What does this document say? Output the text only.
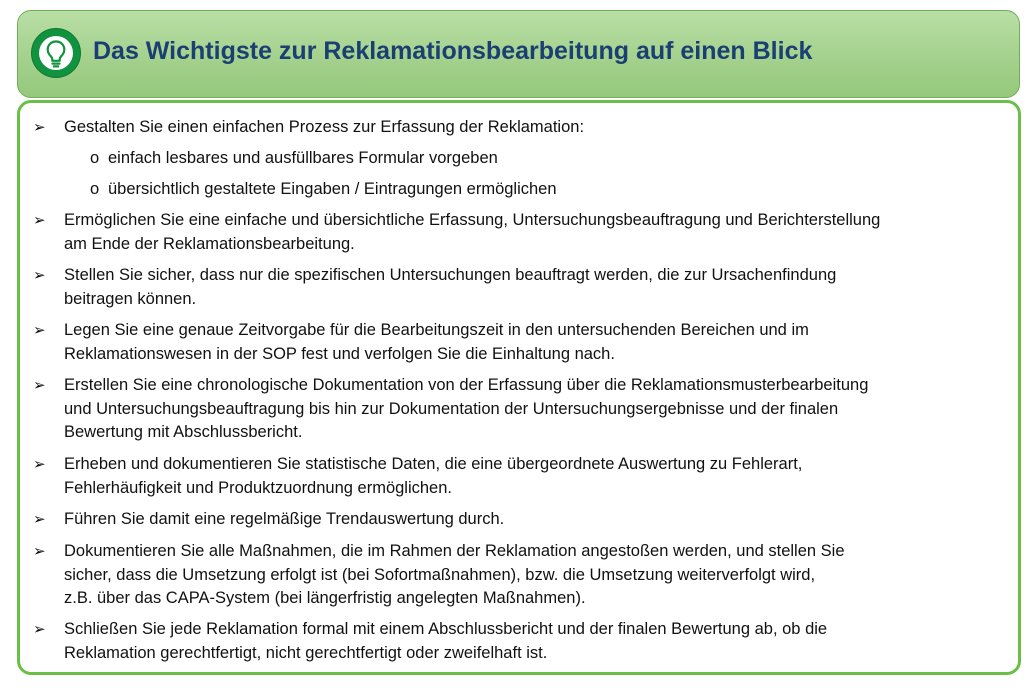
Das Wichtigste zur Reklamationsbearbeitung auf einen Blick
➢ Gestalten Sie einen einfachen Prozess zur Erfassung der Reklamation:
o einfach lesbares und ausfüllbares Formular vorgeben
o übersichtlich gestaltete Eingaben / Eintragungen ermöglichen
➢ Ermöglichen Sie eine einfache und übersichtliche Erfassung, Untersuchungsbeauftragung und Berichterstellung
am Ende der Reklamationsbearbeitung.
➢ Stellen Sie sicher, dass nur die spezifischen Untersuchungen beauftragt werden, die zur Ursachenfindung
beitragen können.
➢ Legen Sie eine genaue Zeitvorgabe für die Bearbeitungszeit in den untersuchenden Bereichen und im
Reklamationswesen in der SOP fest und verfolgen Sie die Einhaltung nach.
➢ Erstellen Sie eine chronologische Dokumentation von der Erfassung über die Reklamationsmusterbearbeitung
und Untersuchungsbeauftragung bis hin zur Dokumentation der Untersuchungsergebnisse und der finalen
Bewertung mit Abschlussbericht.
➢ Erheben und dokumentieren Sie statistische Daten, die eine übergeordnete Auswertung zu Fehlerart,
Fehlerhäufigkeit und Produktzuordnung ermöglichen.
➢ Führen Sie damit eine regelmäßige Trendauswertung durch.
➢ Dokumentieren Sie alle Maßnahmen, die im Rahmen der Reklamation angestoßen werden, und stellen Sie
sicher, dass die Umsetzung erfolgt ist (bei Sofortmaßnahmen), bzw. die Umsetzung weiterverfolgt wird,
z.B. über das CAPA-System (bei längerfristig angelegten Maßnahmen).
➢ Schließen Sie jede Reklamation formal mit einem Abschlussbericht und der finalen Bewertung ab, ob die
Reklamation gerechtfertigt, nicht gerechtfertigt oder zweifelhaft ist.
